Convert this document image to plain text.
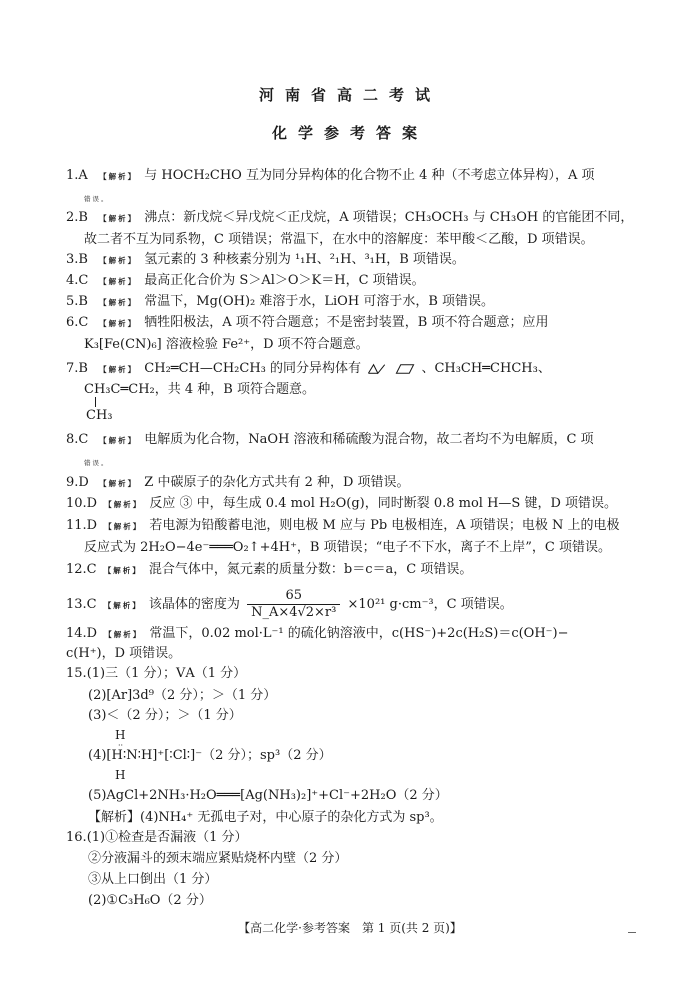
河南省高二考试
化学参考答案
1.A 【解析】 与 HOCH₂CHO 互为同分异构体的化合物不止 4 种（不考虑立体异构），A 项
错误。
2.B 【解析】 沸点：新戊烷＜异戊烷＜正戊烷，A 项错误；CH₃OCH₃ 与 CH₃OH 的官能团不同，
故二者不互为同系物，C 项错误；常温下，在水中的溶解度：苯甲酸＜乙酸，D 项错误。
3.B 【解析】 氢元素的 3 种核素分别为 ¹₁H、²₁H、³₁H，B 项错误。
4.C 【解析】 最高正化合价为 S＞Al＞O＞K＝H，C 项错误。
5.B 【解析】 常温下，Mg(OH)₂ 难溶于水，LiOH 可溶于水，B 项错误。
6.C 【解析】 牺牲阳极法，A 项不符合题意；不是密封装置，B 项不符合题意；应用
K₃[Fe(CN)₆] 溶液检验 Fe²⁺，D 项不符合题意。
7.B 【解析】 CH₂═CH—CH₂CH₃ 的同分异构体有	、CH₃CH═CHCH₃、
CH₃C═CH₂，共 4 种，B 项符合题意。
CH₃
8.C 【解析】 电解质为化合物，NaOH 溶液和稀硫酸为混合物，故二者均不为电解质，C 项
错误。
9.D 【解析】 Z 中碳原子的杂化方式共有 2 种，D 项错误。
10.D 【解析】 反应 ③ 中，每生成 0.4 mol H₂O(g)，同时断裂 0.8 mol H—S 键，D 项错误。
11.D 【解析】 若电源为铅酸蓄电池，则电极 M 应与 Pb 电极相连，A 项错误；电极 N 上的电极
反应式为 2H₂O−4e⁻═══O₂↑+4H⁺，B 项错误；“电子不下水，离子不上岸”，C 项错误。
12.C 【解析】 混合气体中，氮元素的质量分数：b＝c＝a，C 项错误。
13.C 【解析】 该晶体的密度为 $\frac{65}{\text{N\_A×4√2×r³}} \times 10^{21}$ g·cm⁻³，C 项错误。
14.D 【解析】 常温下，0.02 mol·L⁻¹ 的硫化钠溶液中，c(HS⁻)+2c(H₂S)＝c(OH⁻)−
c(H⁺)，D 项错误。
15.(1)三（1 分）；ⅤA（1 分）
(2)[Ar]3d⁹（2 分）；＞（1 分）
(3)＜（2 分）；＞（1 分）
H
··
(4)[H∶N∶H]⁺[∶Cl∶]⁻（2 分）；sp³（2 分）
H
(5)AgCl+2NH₃·H₂O═══[Ag(NH₃)₂]⁺+Cl⁻+2H₂O（2 分）
【解析】(4)NH₄⁺ 无孤电子对，中心原子的杂化方式为 sp³。
16.(1)①检查是否漏液（1 分）
②分液漏斗的颈末端应紧贴烧杯内壁（2 分）
③从上口倒出（1 分）
(2)①C₃H₆O（2 分）
【高二化学·参考答案　第 1 页(共 2 页)】
